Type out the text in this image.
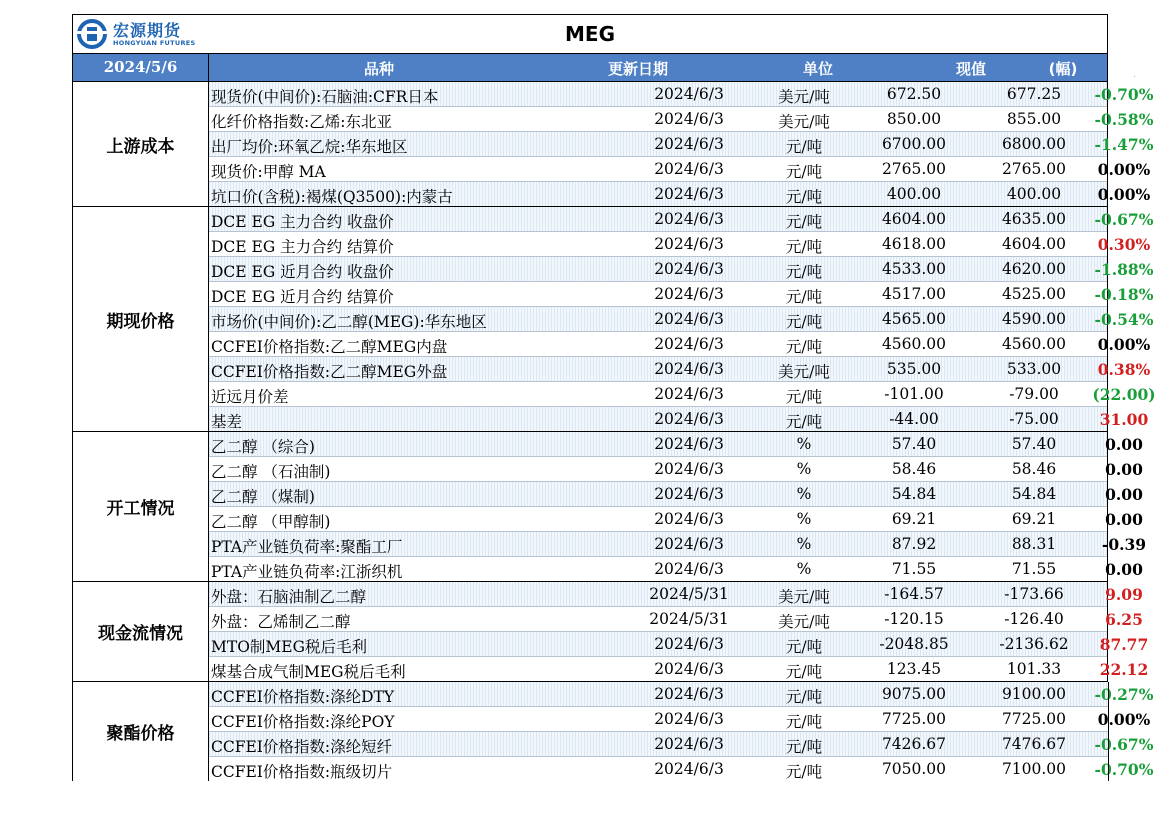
宏源期货
HONGYUAN FUTURES	MEG
2024/5/6	品种	更新日期	单位	现值	(幅)
上游成本
现货价(中间价):石脑油:CFR日本	2024/6/3	美元/吨	672.50	677.25	-0.70%
化纤价格指数:乙烯:东北亚	2024/6/3	美元/吨	850.00	855.00	-0.58%
出厂均价:环氧乙烷:华东地区	2024/6/3	元/吨	6700.00	6800.00	-1.47%
现货价:甲醇 MA	2024/6/3	元/吨	2765.00	2765.00	0.00%
坑口价(含税):褐煤(Q3500):内蒙古	2024/6/3	元/吨	400.00	400.00	0.00%
期现价格
DCE EG 主力合约 收盘价	2024/6/3	元/吨	4604.00	4635.00	-0.67%
DCE EG 主力合约 结算价	2024/6/3	元/吨	4618.00	4604.00	0.30%
DCE EG 近月合约 收盘价	2024/6/3	元/吨	4533.00	4620.00	-1.88%
DCE EG 近月合约 结算价	2024/6/3	元/吨	4517.00	4525.00	-0.18%
市场价(中间价):乙二醇(MEG):华东地区	2024/6/3	元/吨	4565.00	4590.00	-0.54%
CCFEI价格指数:乙二醇MEG内盘	2024/6/3	元/吨	4560.00	4560.00	0.00%
CCFEI价格指数:乙二醇MEG外盘	2024/6/3	美元/吨	535.00	533.00	0.38%
近远月价差	2024/6/3	元/吨	-101.00	-79.00	(22.00)
基差	2024/6/3	元/吨	-44.00	-75.00	31.00
开工情况
乙二醇 （综合)	2024/6/3	%	57.40	57.40	0.00
乙二醇 （石油制)	2024/6/3	%	58.46	58.46	0.00
乙二醇 （煤制)	2024/6/3	%	54.84	54.84	0.00
乙二醇 （甲醇制)	2024/6/3	%	69.21	69.21	0.00
PTA产业链负荷率:聚酯工厂	2024/6/3	%	87.92	88.31	-0.39
PTA产业链负荷率:江浙织机	2024/6/3	%	71.55	71.55	0.00
现金流情况
外盘：石脑油制乙二醇	2024/5/31	美元/吨	-164.57	-173.66	9.09
外盘：乙烯制乙二醇	2024/5/31	美元/吨	-120.15	-126.40	6.25
MTO制MEG税后毛利	2024/6/3	元/吨	-2048.85	-2136.62	87.77
煤基合成气制MEG税后毛利	2024/6/3	元/吨	123.45	101.33	22.12
聚酯价格
CCFEI价格指数:涤纶DTY	2024/6/3	元/吨	9075.00	9100.00	-0.27%
CCFEI价格指数:涤纶POY	2024/6/3	元/吨	7725.00	7725.00	0.00%
CCFEI价格指数:涤纶短纤	2024/6/3	元/吨	7426.67	7476.67	-0.67%
CCFEI价格指数:瓶级切片	2024/6/3	元/吨	7050.00	7100.00	-0.70%
·
